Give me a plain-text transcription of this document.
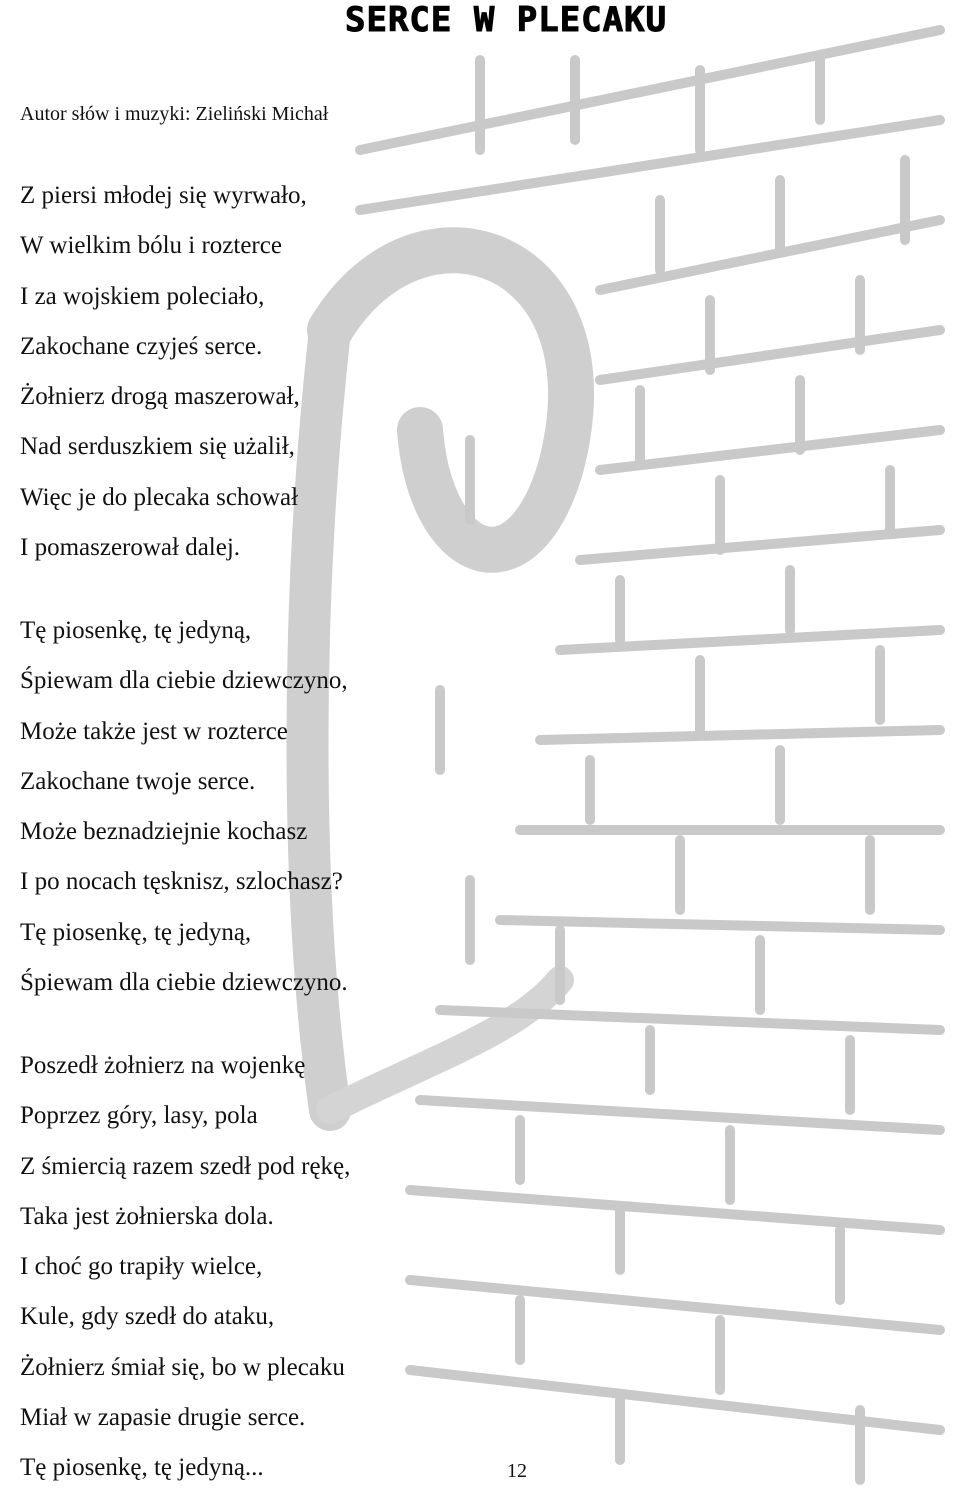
SERCE W PLECAKU
Autor słów i muzyki: Zieliński Michał
Z piersi młodej się wyrwało,
W wielkim bólu i rozterce
I za wojskiem poleciało,
Zakochane czyjeś serce.
Żołnierz drogą maszerował,
Nad serduszkiem się użalił,
Więc je do plecaka schował
I pomaszerował dalej.
Tę piosenkę, tę jedyną,
Śpiewam dla ciebie dziewczyno,
Może także jest w rozterce
Zakochane twoje serce.
Może beznadziejnie kochasz
I po nocach tęsknisz, szlochasz?
Tę piosenkę, tę jedyną,
Śpiewam dla ciebie dziewczyno.
Poszedł żołnierz na wojenkę
Poprzez góry, lasy, pola
Z śmiercią razem szedł pod rękę,
Taka jest żołnierska dola.
I choć go trapiły wielce,
Kule, gdy szedł do ataku,
Żołnierz śmiał się, bo w plecaku
Miał w zapasie drugie serce.
Tę piosenkę, tę jedyną...	12
